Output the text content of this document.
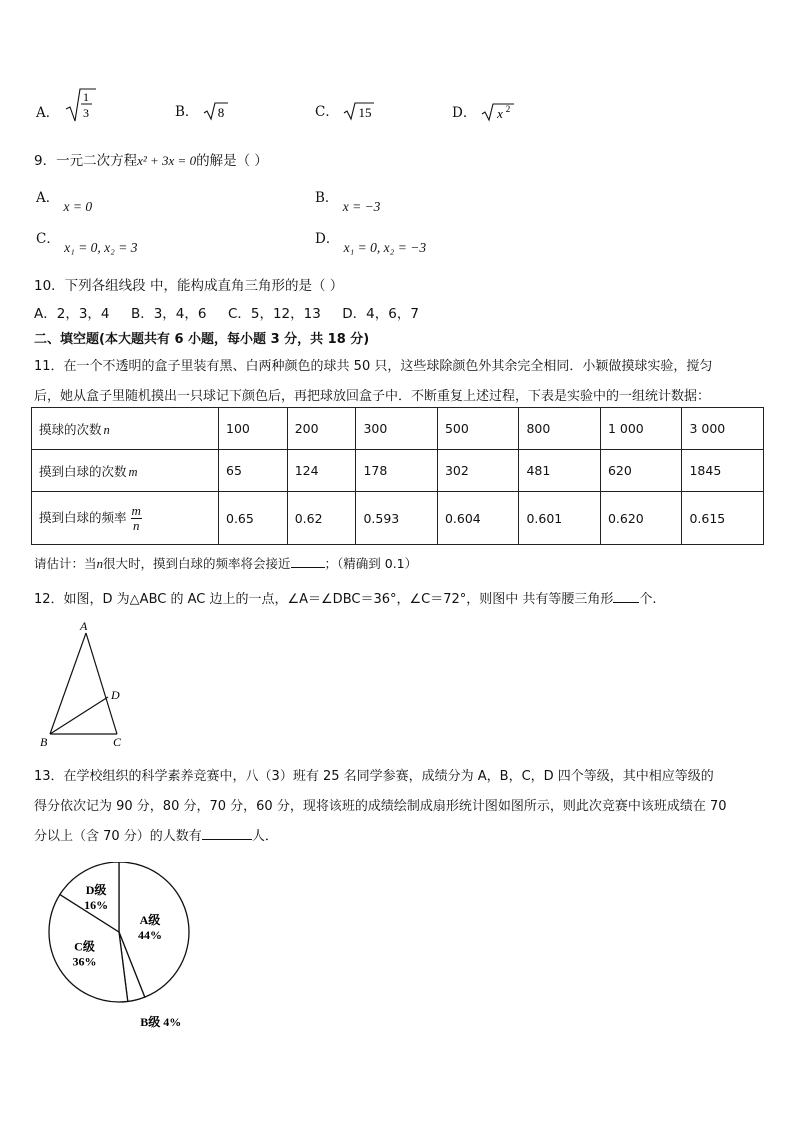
A．
1
3	B． 8	C． 15	D． x 2
9．一元二次方程x² + 3x = 0的解是（ ）
A． x = 0
B． x = −3
C． x₁ = 0, x₂ = 3
D． x₁ = 0, x₂ = −3
10．下列各组线段 中，能构成直角三角形的是（ ）
A．2，3，4     B．3，4，6     C．5，12，13     D．4，6，7
二、填空题(本大题共有 6 小题，每小题 3 分，共 18 分)
11．在一个不透明的盒子里装有黑、白两种颜色的球共 50 只，这些球除颜色外其余完全相同．小颖做摸球实验，搅匀
后，她从盒子里随机摸出一只球记下颜色后，再把球放回盒子中．不断重复上述过程，下表是实验中的一组统计数据：
摸球的次数 n	100	200	300	500	800	1 000	3 000
摸到白球的次数 m	65	124	178	302	481	620	1845
摸到白球的频率 $\frac{m}{n}$	0.65	0.62	0.593	0.604	0.601	0.620	0.615
请估计：当n很大时，摸到白球的频率将会接近	；（精确到 0.1）
12．如图，D 为△ABC 的 AC 边上的一点，∠A＝∠DBC＝36°，∠C＝72°，则图中 共有等腰三角形 个.
A
B	C
D
13．在学校组织的科学素养竞赛中，八（3）班有 25 名同学参赛，成绩分为 A，B，C，D 四个等级，其中相应等级的
得分依次记为 90 分，80 分，70 分，60 分，现将该班的成绩绘制成扇形统计图如图所示，则此次竞赛中该班成绩在 70
分以上（含 70 分）的人数有	人．
A级
44%
B级 4%
C级
36%
D级
16%
